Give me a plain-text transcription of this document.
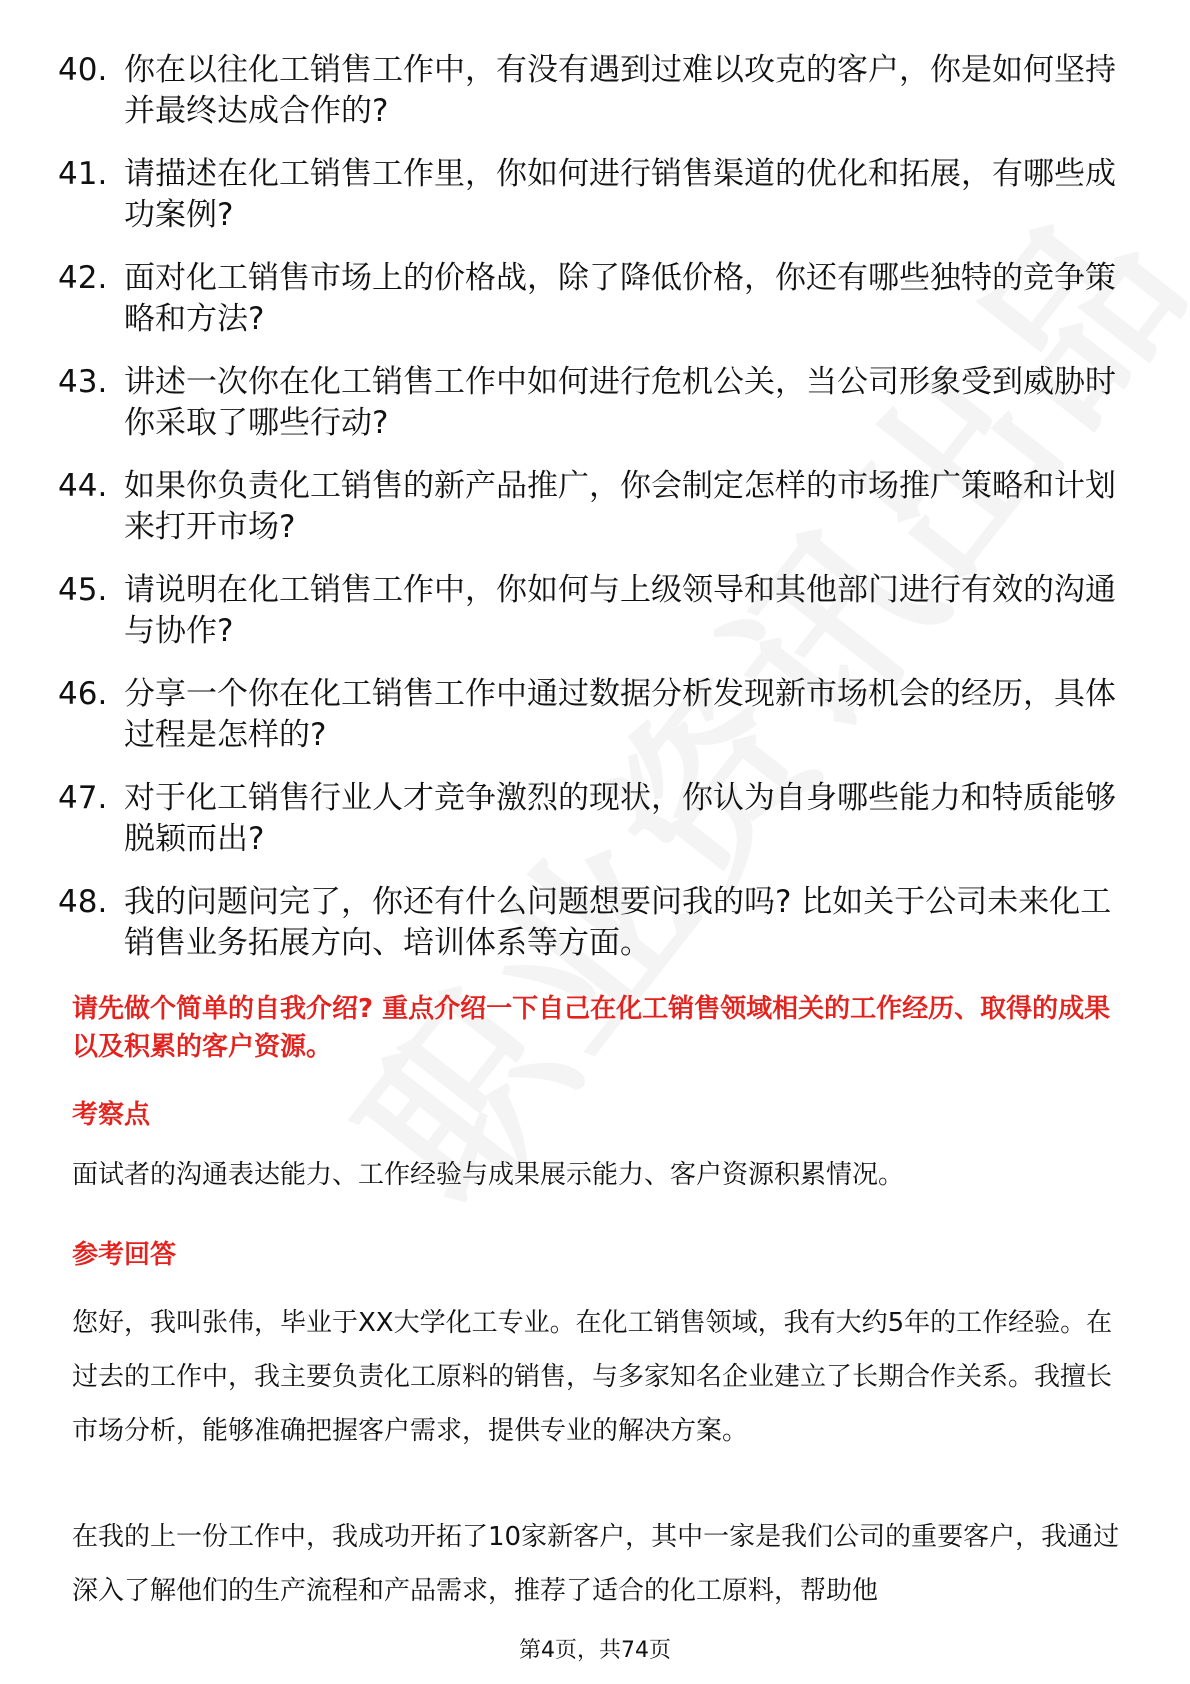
40. 你在以往化工销售工作中，有没有遇到过难以攻克的客户，你是如何坚持并最终达成合作的?
41. 请描述在化工销售工作里，你如何进行销售渠道的优化和拓展，有哪些成功案例?
42. 面对化工销售市场上的价格战，除了降低价格，你还有哪些独特的竞争策略和方法?
43. 讲述一次你在化工销售工作中如何进行危机公关，当公司形象受到威胁时你采取了哪些行动?
44. 如果你负责化工销售的新产品推广，你会制定怎样的市场推广策略和计划来打开市场?
45. 请说明在化工销售工作中，你如何与上级领导和其他部门进行有效的沟通与协作?
46. 分享一个你在化工销售工作中通过数据分析发现新市场机会的经历，具体过程是怎样的?
47. 对于化工销售行业人才竞争激烈的现状，你认为自身哪些能力和特质能够脱颖而出?
48. 我的问题问完了，你还有什么问题想要问我的吗? 比如关于公司未来化工销售业务拓展方向、培训体系等方面。
请先做个简单的自我介绍? 重点介绍一下自己在化工销售领域相关的工作经历、取得的成果以及积累的客户资源。
考察点
面试者的沟通表达能力、工作经验与成果展示能力、客户资源积累情况。
参考回答
您好，我叫张伟，毕业于XX大学化工专业。在化工销售领域，我有大约5年的工作经验。在过去的工作中，我主要负责化工原料的销售，与多家知名企业建立了长期合作关系。我擅长市场分析，能够准确把握客户需求，提供专业的解决方案。
在我的上一份工作中，我成功开拓了10家新客户，其中一家是我们公司的重要客户，我通过深入了解他们的生产流程和产品需求，推荐了适合的化工原料，帮助他
第4页，共74页
